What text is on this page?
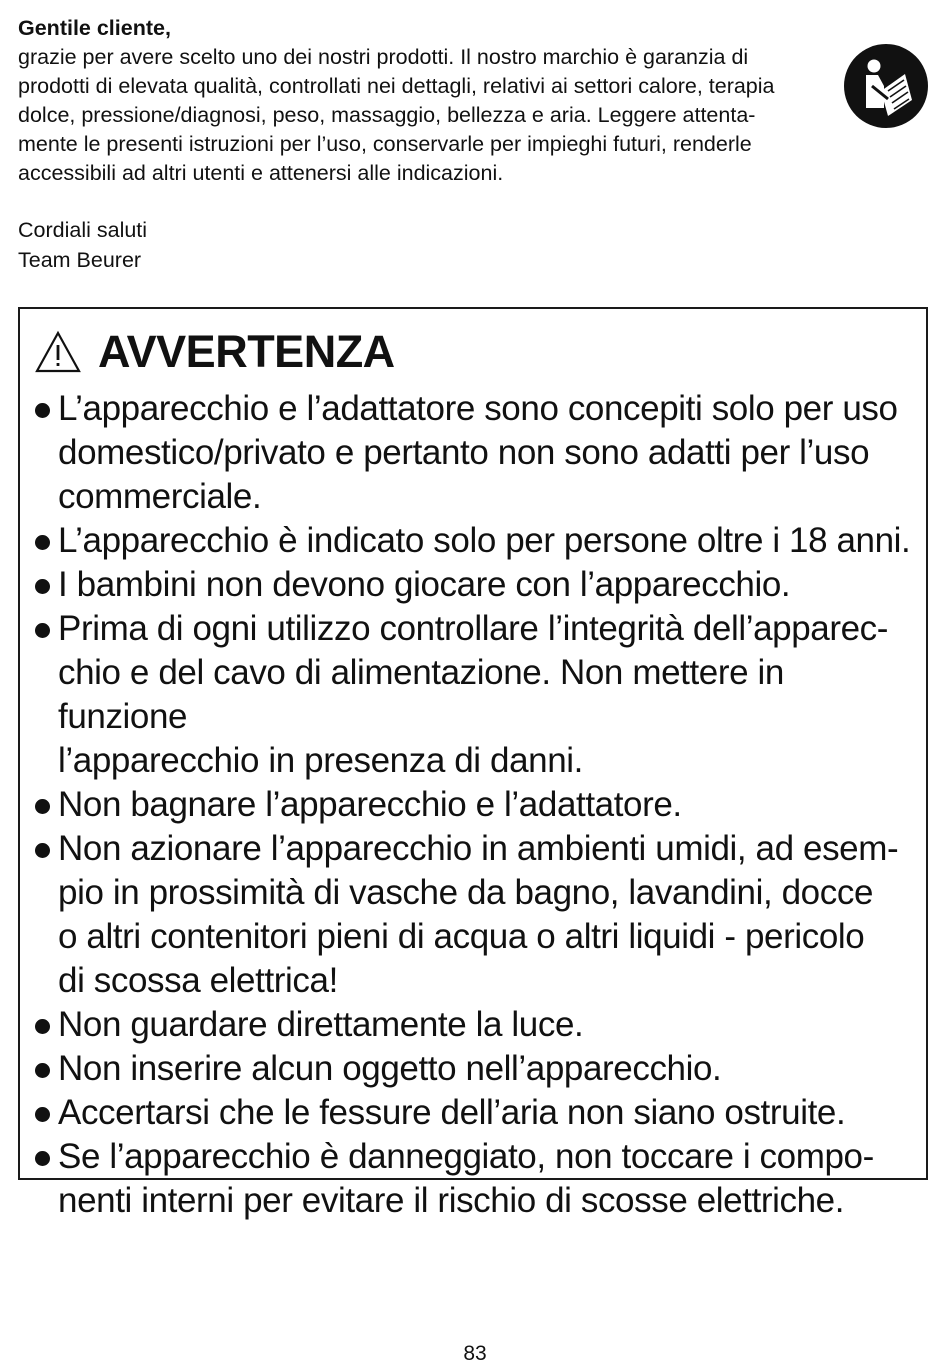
Gentile cliente,

grazie per avere scelto uno dei nostri prodotti. Il nostro marchio è garanzia di
prodotti di elevata qualità, controllati nei dettagli, relativi ai settori calore, terapia
dolce, pressione/diagnosi, peso, massaggio, bellezza e aria. Leggere attenta-
mente le presenti istruzioni per l’uso, conservarle per impieghi futuri, renderle
accessibili ad altri utenti e attenersi alle indicazioni.

Cordiali saluti
Team Beurer
AVVERTENZA
L’apparecchio e l’adattatore sono concepiti solo per uso
domestico/privato e pertanto non sono adatti per l’uso
commerciale.
L’apparecchio è indicato solo per persone oltre i 18 anni.
I bambini non devono giocare con l’apparecchio.
Prima di ogni utilizzo controllare l’integrità dell’apparec-
chio e del cavo di alimentazione. Non mettere in funzione
l’apparecchio in presenza di danni.
Non bagnare l’apparecchio e l’adattatore.
Non azionare l’apparecchio in ambienti umidi, ad esem-
pio in prossimità di vasche da bagno, lavandini, docce
o altri contenitori pieni di acqua o altri liquidi - pericolo
di scossa elettrica!
Non guardare direttamente la luce.
Non inserire alcun oggetto nell’apparecchio.
Accertarsi che le fessure dell’aria non siano ostruite.
Se l’apparecchio è danneggiato, non toccare i compo-
nenti interni per evitare il rischio di scosse elettriche.
83
